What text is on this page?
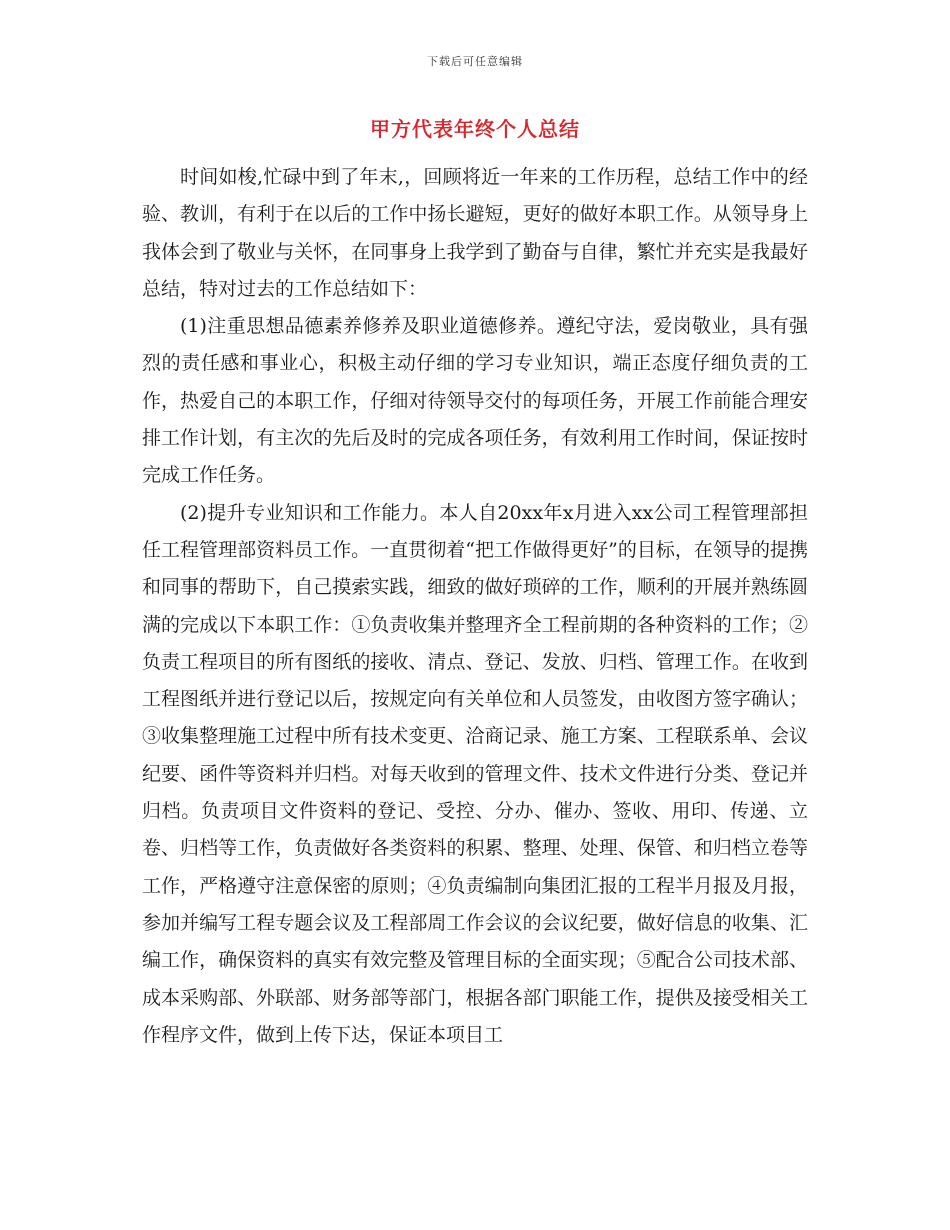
下载后可任意编辑
甲方代表年终个人总结

时间如梭,忙碌中到了年末,，回顾将近一年来的工作历程，总结工作中的经验、教训，有利于在以后的工作中扬长避短，更好的做好本职工作。从领导身上我体会到了敬业与关怀，在同事身上我学到了勤奋与自律，繁忙并充实是我最好总结，特对过去的工作总结如下：

(1)注重思想品德素养修养及职业道德修养。遵纪守法，爱岗敬业，具有强烈的责任感和事业心，积极主动仔细的学习专业知识，端正态度仔细负责的工作，热爱自己的本职工作，仔细对待领导交付的每项任务，开展工作前能合理安排工作计划，有主次的先后及时的完成各项任务，有效利用工作时间，保证按时完成工作任务。

(2)提升专业知识和工作能力。本人自20xx年x月进入xx公司工程管理部担任工程管理部资料员工作。一直贯彻着“把工作做得更好”的目标，在领导的提携和同事的帮助下，自己摸索实践，细致的做好琐碎的工作，顺利的开展并熟练圆满的完成以下本职工作：①负责收集并整理齐全工程前期的各种资料的工作；②负责工程项目的所有图纸的接收、清点、登记、发放、归档、管理工作。在收到工程图纸并进行登记以后，按规定向有关单位和人员签发，由收图方签字确认；③收集整理施工过程中所有技术变更、洽商记录、施工方案、工程联系单、会议纪要、函件等资料并归档。对每天收到的管理文件、技术文件进行分类、登记并归档。负责项目文件资料的登记、受控、分办、催办、签收、用印、传递、立卷、归档等工作，负责做好各类资料的积累、整理、处理、保管、和归档立卷等工作，严格遵守注意保密的原则；④负责编制向集团汇报的工程半月报及月报，参加并编写工程专题会议及工程部周工作会议的会议纪要，做好信息的收集、汇编工作，确保资料的真实有效完整及管理目标的全面实现；⑤配合公司技术部、成本采购部、外联部、财务部等部门，根据各部门职能工作，提供及接受相关工作程序文件，做到上传下达，保证本项目工
